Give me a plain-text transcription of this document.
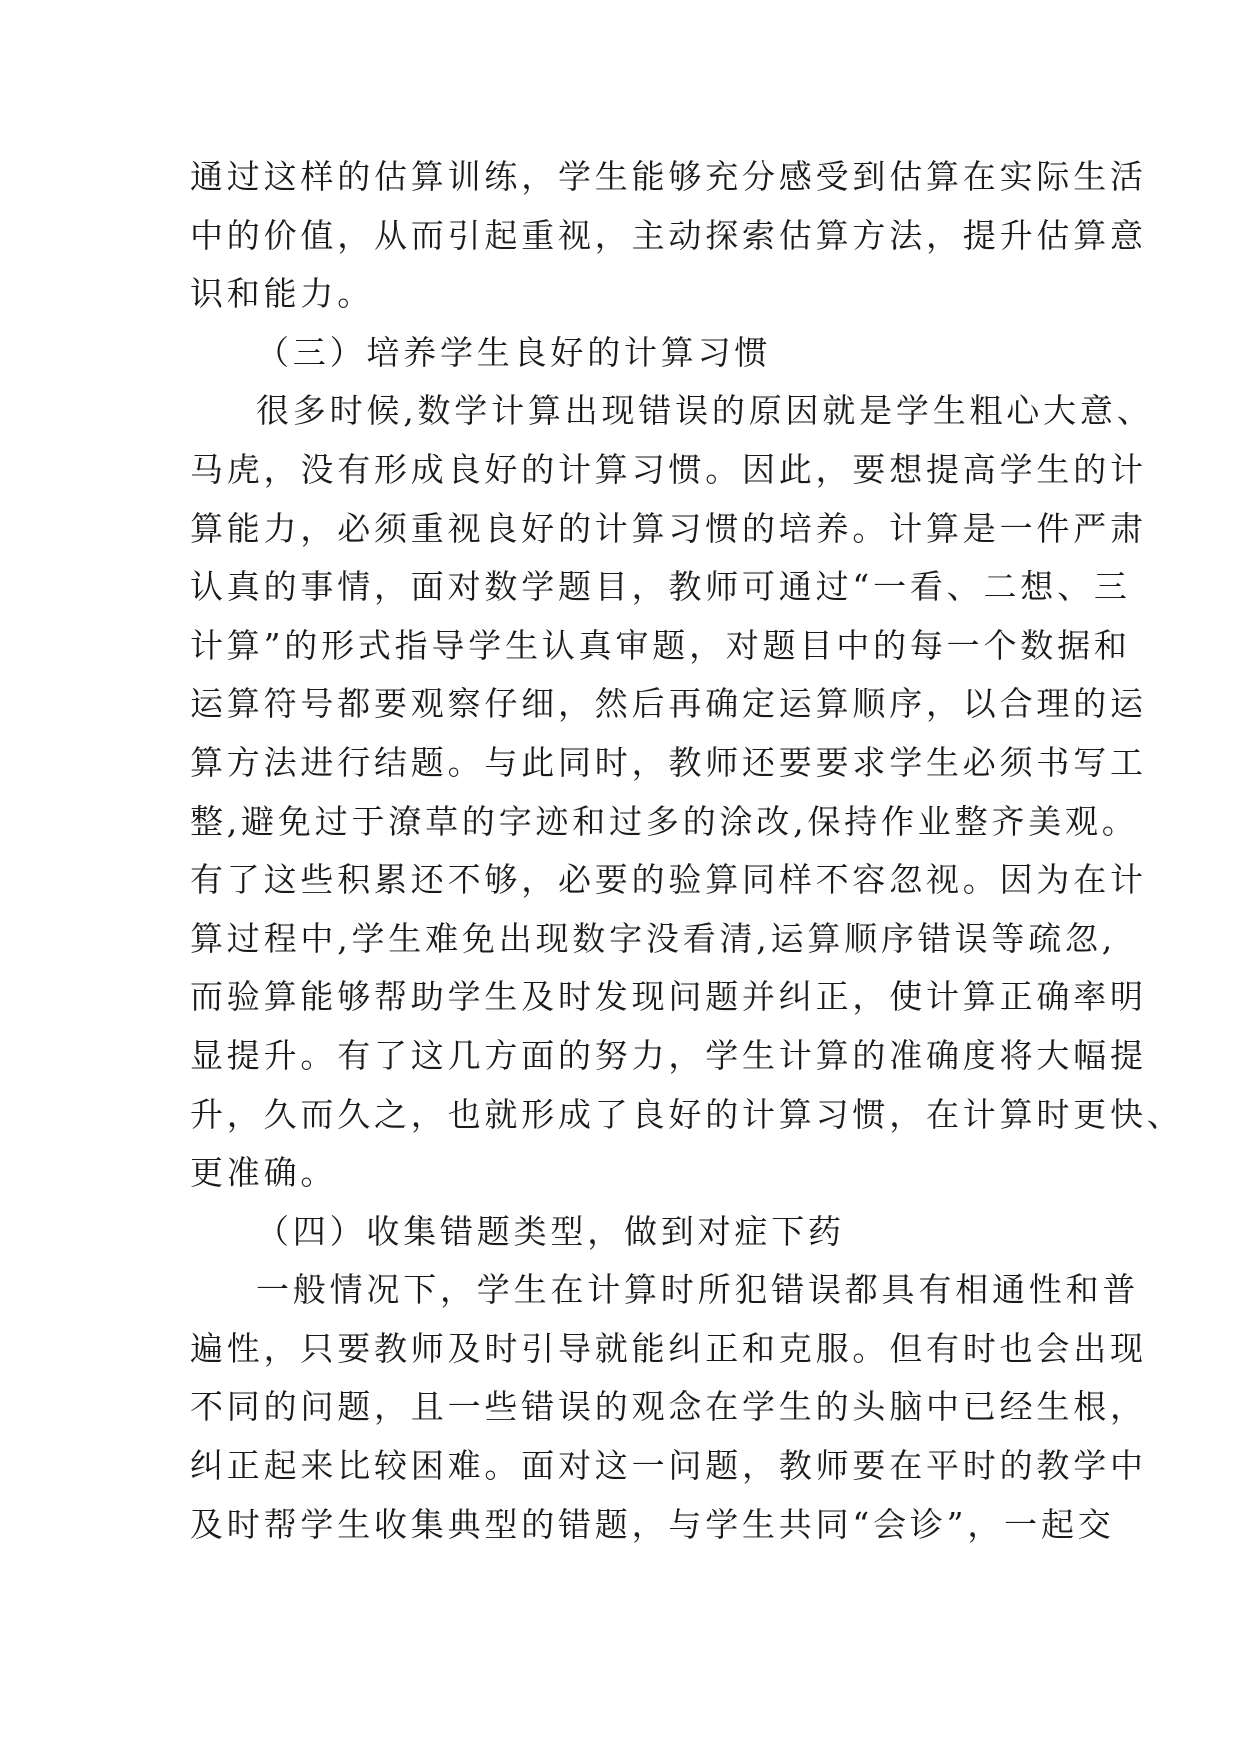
通过这样的估算训练，学生能够充分感受到估算在实际生活
中的价值，从而引起重视，主动探索估算方法，提升估算意
识和能力。
（三）培养学生良好的计算习惯
很多时候,数学计算出现错误的原因就是学生粗心大意、
马虎，没有形成良好的计算习惯。因此，要想提高学生的计
算能力，必须重视良好的计算习惯的培养。计算是一件严肃
认真的事情，面对数学题目，教师可通过“一看、二想、三
计算”的形式指导学生认真审题，对题目中的每一个数据和
运算符号都要观察仔细，然后再确定运算顺序，以合理的运
算方法进行结题。与此同时，教师还要要求学生必须书写工
整,避免过于潦草的字迹和过多的涂改,保持作业整齐美观。
有了这些积累还不够，必要的验算同样不容忽视。因为在计
算过程中,学生难免出现数字没看清,运算顺序错误等疏忽,
而验算能够帮助学生及时发现问题并纠正，使计算正确率明
显提升。有了这几方面的努力，学生计算的准确度将大幅提
升，久而久之，也就形成了良好的计算习惯，在计算时更快、
更准确。
（四）收集错题类型，做到对症下药
一般情况下，学生在计算时所犯错误都具有相通性和普
遍性，只要教师及时引导就能纠正和克服。但有时也会出现
不同的问题，且一些错误的观念在学生的头脑中已经生根，
纠正起来比较困难。面对这一问题，教师要在平时的教学中
及时帮学生收集典型的错题，与学生共同“会诊”，一起交
